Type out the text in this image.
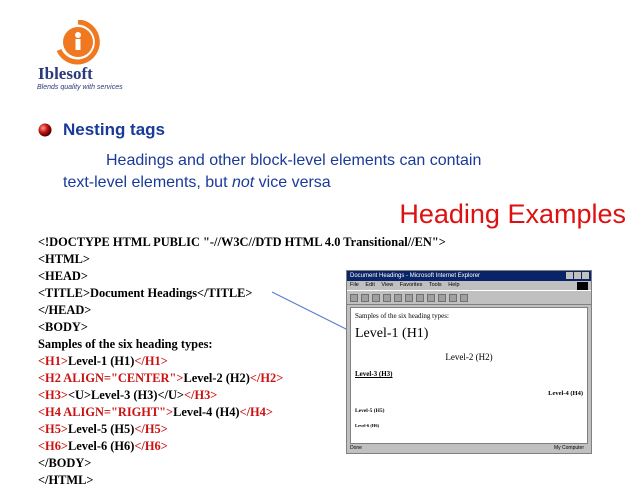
Iblesoft
Blends quality with services
Nesting tags
Headings and other block-level elements can contain
text-level elements, but not vice versa
Heading Examples
<!DOCTYPE HTML PUBLIC "-//W3C//DTD HTML 4.0 Transitional//EN">
<HTML>
<HEAD>
<TITLE>Document Headings</TITLE>
</HEAD>
<BODY>
Samples of the six heading types:
<H1>Level-1 (H1)</H1>
<H2 ALIGN="CENTER">Level-2 (H2)</H2>
<H3><U>Level-3 (H3)</U></H3>
<H4 ALIGN="RIGHT">Level-4 (H4)</H4>
<H5>Level-5 (H5)</H5>
<H6>Level-6 (H6)</H6>
</BODY>
</HTML>
Document Headings - Microsoft Internet Explorer
File Edit View Favorites Tools Help
Samples of the six heading types:
Level-1 (H1)
Level-2 (H2)
Level-3 (H3)
Level-4 (H4)
Level-5 (H5)
Level-6 (H6)
Done	My Computer
